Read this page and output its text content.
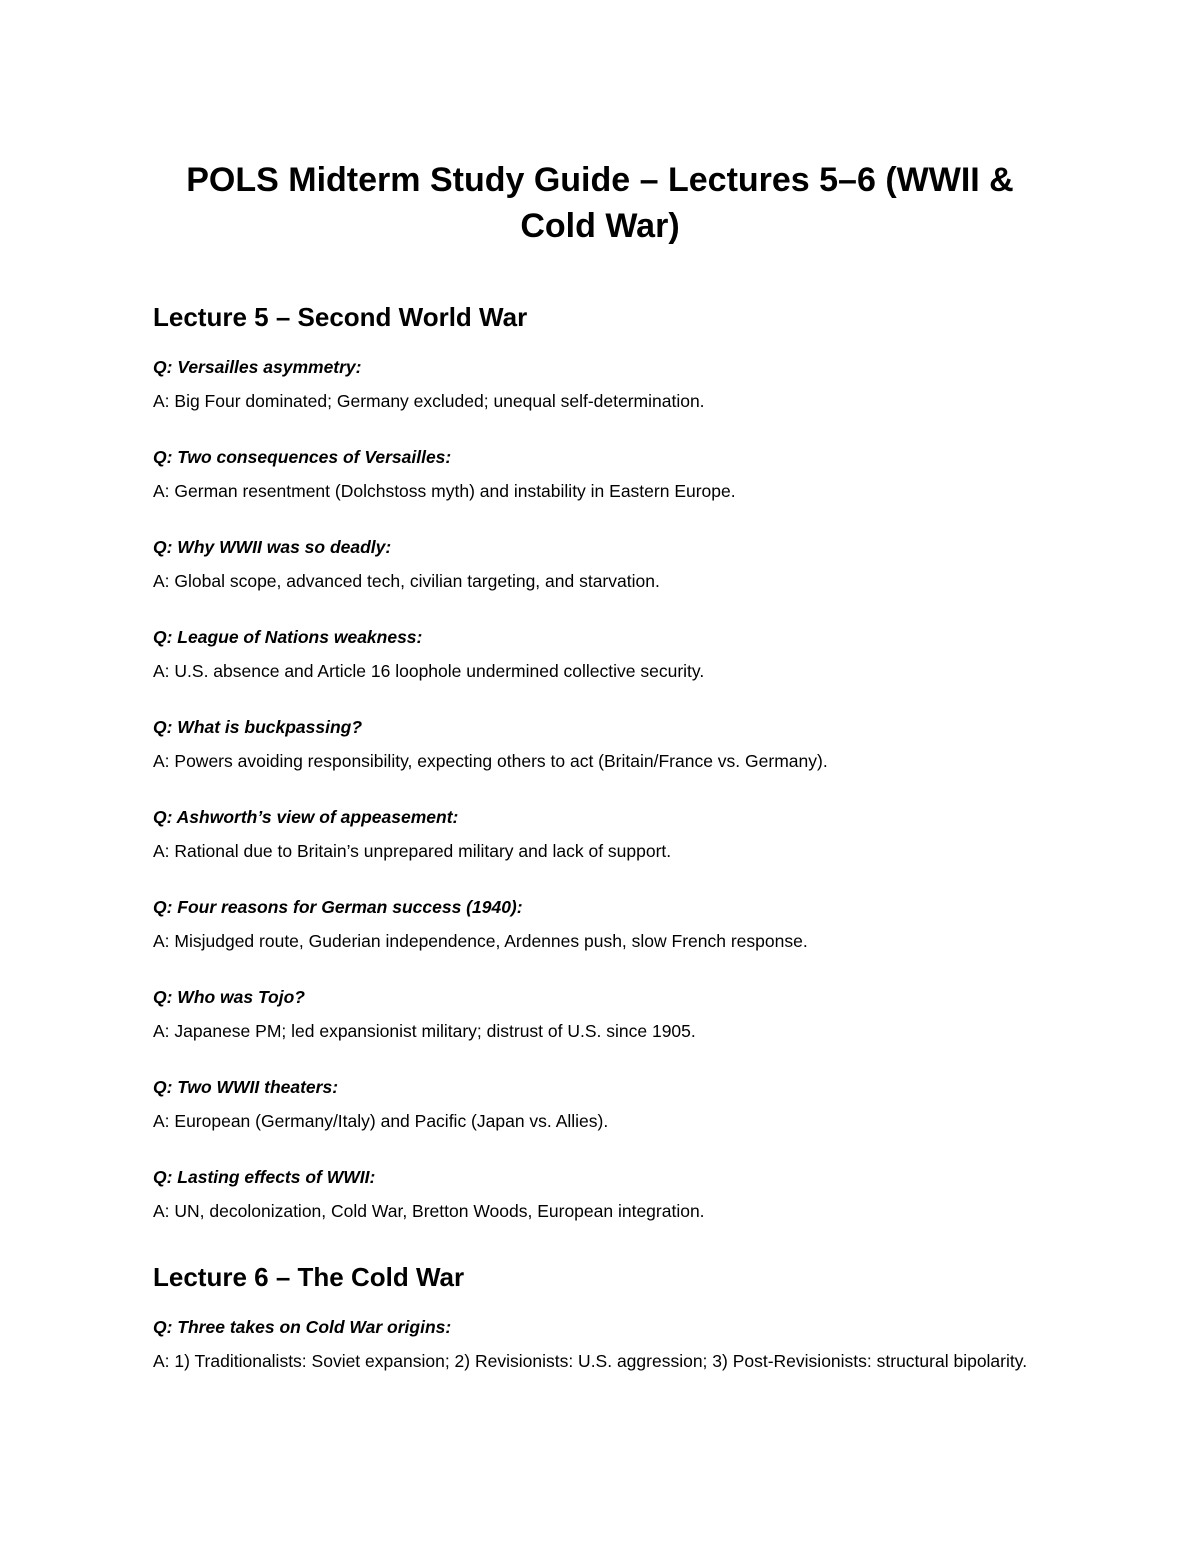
POLS Midterm Study Guide – Lectures 5–6 (WWII & Cold War)
Lecture 5 – Second World War

Q: Versailles asymmetry:

A: Big Four dominated; Germany excluded; unequal self-determination.

Q: Two consequences of Versailles:

A: German resentment (Dolchstoss myth) and instability in Eastern Europe.

Q: Why WWII was so deadly:

A: Global scope, advanced tech, civilian targeting, and starvation.

Q: League of Nations weakness:

A: U.S. absence and Article 16 loophole undermined collective security.

Q: What is buckpassing?

A: Powers avoiding responsibility, expecting others to act (Britain/France vs. Germany).

Q: Ashworth’s view of appeasement:

A: Rational due to Britain’s unprepared military and lack of support.

Q: Four reasons for German success (1940):

A: Misjudged route, Guderian independence, Ardennes push, slow French response.

Q: Who was Tojo?

A: Japanese PM; led expansionist military; distrust of U.S. since 1905.

Q: Two WWII theaters:

A: European (Germany/Italy) and Pacific (Japan vs. Allies).

Q: Lasting effects of WWII:

A: UN, decolonization, Cold War, Bretton Woods, European integration.

Lecture 6 – The Cold War

Q: Three takes on Cold War origins:

A: 1) Traditionalists: Soviet expansion; 2) Revisionists: U.S. aggression; 3) Post-Revisionists: structural bipolarity.
